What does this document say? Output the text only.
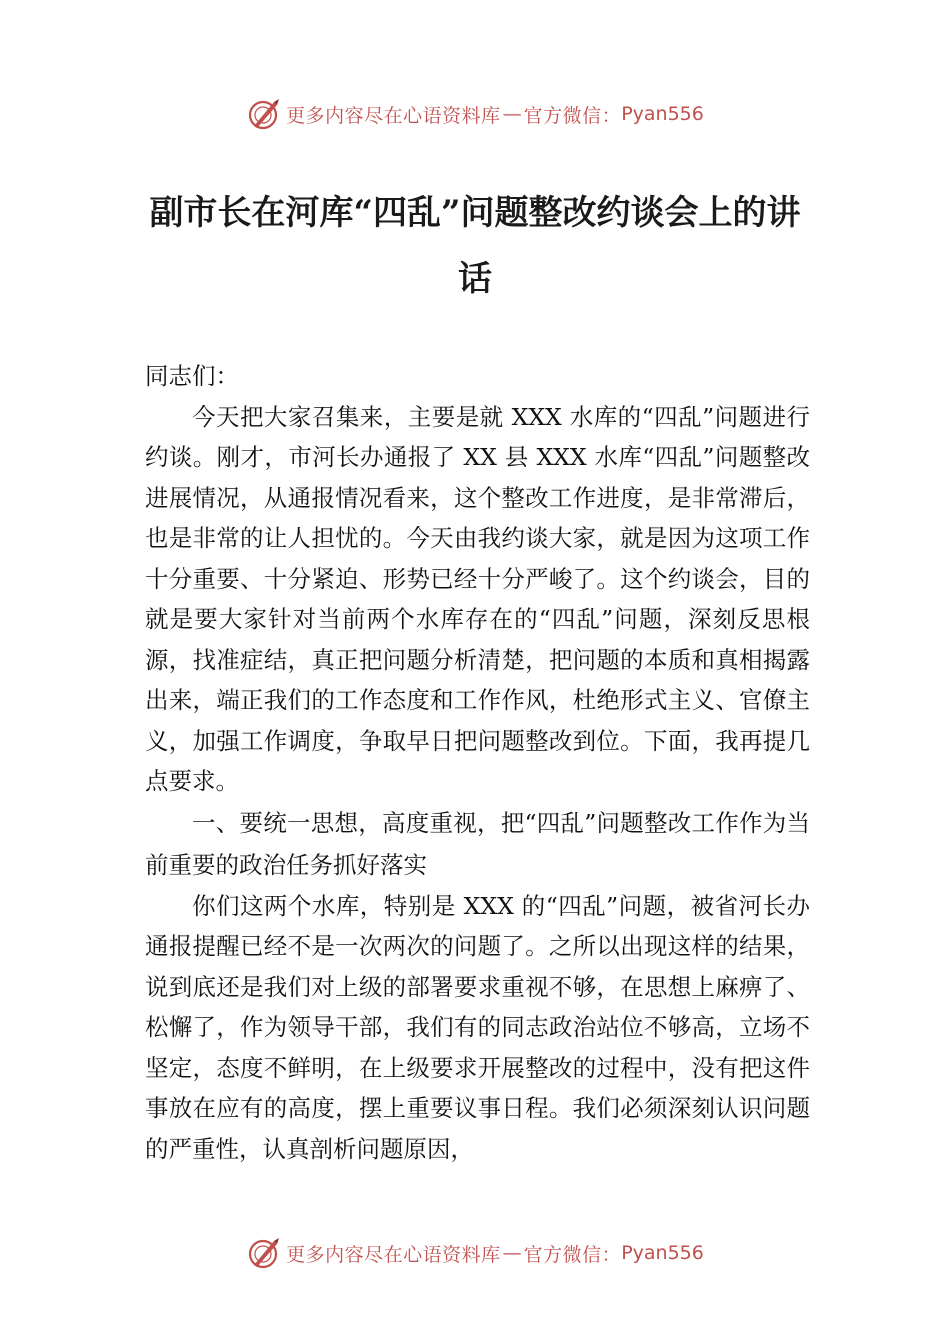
更多内容尽在心语资料库 — 官方微信： Pyan556
副市长在河库“四乱”问题整改约谈会上的讲话

同志们：

今天把大家召集来，主要是就 XXX 水库的“四乱”问题进行约谈。刚才，市河长办通报了 XX 县 XXX 水库“四乱”问题整改进展情况，从通报情况看来，这个整改工作进度，是非常滞后，也是非常的让人担忧的。今天由我约谈大家，就是因为这项工作十分重要、十分紧迫、形势已经十分严峻了。这个约谈会，目的就是要大家针对当前两个水库存在的“四乱”问题，深刻反思根源，找准症结，真正把问题分析清楚，把问题的本质和真相揭露出来，端正我们的工作态度和工作作风，杜绝形式主义、官僚主义，加强工作调度，争取早日把问题整改到位。下面，我再提几点要求。

一、要统一思想，高度重视，把“四乱”问题整改工作作为当前重要的政治任务抓好落实

你们这两个水库，特别是 XXX 的“四乱”问题，被省河长办通报提醒已经不是一次两次的问题了。之所以出现这样的结果，说到底还是我们对上级的部署要求重视不够，在思想上麻痹了、松懈了，作为领导干部，我们有的同志政治站位不够高，立场不坚定，态度不鲜明，在上级要求开展整改的过程中，没有把这件事放在应有的高度，摆上重要议事日程。我们必须深刻认识问题的严重性，认真剖析问题原因，

更多内容尽在心语资料库 — 官方微信： Pyan556
